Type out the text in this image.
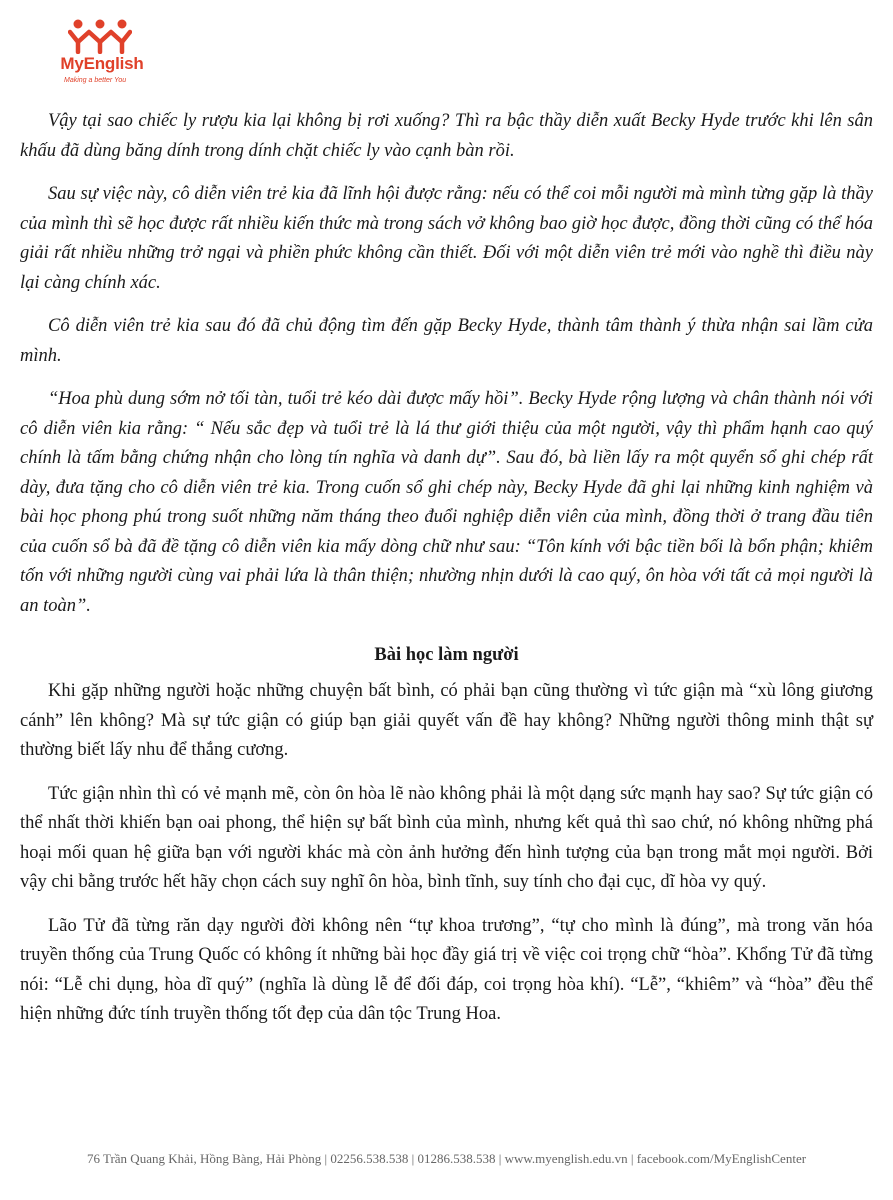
MyEnglish
Making a better You

Vậy tại sao chiếc ly rượu kia lại không bị rơi xuống? Thì ra bậc thầy diễn xuất Becky Hyde trước khi lên sân khấu đã dùng băng dính trong dính chặt chiếc ly vào cạnh bàn rồi.

Sau sự việc này, cô diễn viên trẻ kia đã lĩnh hội được rằng: nếu có thể coi mỗi người mà mình từng gặp là thầy của mình thì sẽ học được rất nhiều kiến thức mà trong sách vở không bao giờ học được, đồng thời cũng có thể hóa giải rất nhiều những trở ngại và phiền phức không cần thiết. Đối với một diễn viên trẻ mới vào nghề thì điều này lại càng chính xác.

Cô diễn viên trẻ kia sau đó đã chủ động tìm đến gặp Becky Hyde, thành tâm thành ý thừa nhận sai lầm cửa mình.

“Hoa phù dung sớm nở tối tàn, tuổi trẻ kéo dài được mấy hồi”. Becky Hyde rộng lượng và chân thành nói với cô diễn viên kia rằng: “ Nếu sắc đẹp và tuổi trẻ là lá thư giới thiệu của một người, vậy thì phẩm hạnh cao quý chính là tấm bằng chứng nhận cho lòng tín nghĩa và danh dự”. Sau đó, bà liền lấy ra một quyển sổ ghi chép rất dày, đưa tặng cho cô diễn viên trẻ kia. Trong cuốn sổ ghi chép này, Becky Hyde đã ghi lại những kinh nghiệm và bài học phong phú trong suốt những năm tháng theo đuổi nghiệp diễn viên của mình, đồng thời ở trang đầu tiên của cuốn sổ bà đã đề tặng cô diễn viên kia mấy dòng chữ như sau: “Tôn kính với bậc tiền bối là bổn phận; khiêm tốn với những người cùng vai phải lứa là thân thiện; nhường nhịn dưới là cao quý, ôn hòa với tất cả mọi người là an toàn”.

Bài học làm người

Khi gặp những người hoặc những chuyện bất bình, có phải bạn cũng thường vì tức giận mà “xù lông giương cánh” lên không? Mà sự tức giận có giúp bạn giải quyết vấn đề hay không? Những người thông minh thật sự thường biết lấy nhu để thắng cương.

Tức giận nhìn thì có vẻ mạnh mẽ, còn ôn hòa lẽ nào không phải là một dạng sức mạnh hay sao? Sự tức giận có thể nhất thời khiến bạn oai phong, thể hiện sự bất bình của mình, nhưng kết quả thì sao chứ, nó không những phá hoại mối quan hệ giữa bạn với người khác mà còn ảnh hưởng đến hình tượng của bạn trong mắt mọi người. Bởi vậy chi bằng trước hết hãy chọn cách suy nghĩ ôn hòa, bình tĩnh, suy tính cho đại cục, dĩ hòa vy quý.

Lão Tử đã từng răn dạy người đời không nên “tự khoa trương”, “tự cho mình là đúng”, mà trong văn hóa truyền thống của Trung Quốc có không ít những bài học đầy giá trị về việc coi trọng chữ “hòa”. Khổng Tử đã từng nói: “Lễ chi dụng, hòa dĩ quý” (nghĩa là dùng lễ để đối đáp, coi trọng hòa khí). “Lễ”, “khiêm” và “hòa” đều thể hiện những đức tính truyền thống tốt đẹp của dân tộc Trung Hoa.

76 Trần Quang Khải, Hồng Bàng, Hải Phòng | 02256.538.538 | 01286.538.538 | www.myenglish.edu.vn | facebook.com/MyEnglishCenter
